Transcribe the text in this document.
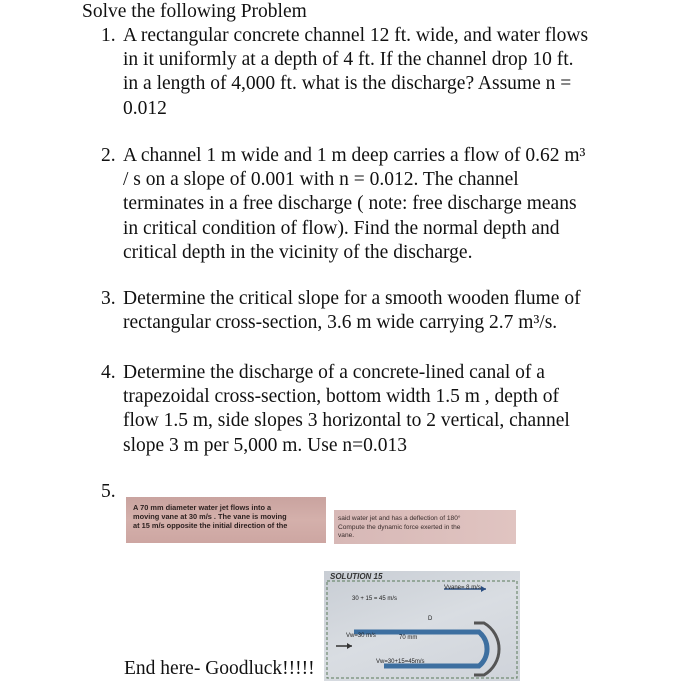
Solve the following Problem
1. A rectangular concrete channel 12 ft. wide, and water flows
in it uniformly at a depth of 4 ft. If the channel drop 10 ft.
in a length of 4,000 ft. what is the discharge? Assume n =
0.012
2. A channel 1 m wide and 1 m deep carries a flow of 0.62 m³
/ s on a slope of 0.001 with n = 0.012. The channel
terminates in a free discharge ( note: free discharge means
in critical condition of flow). Find the normal depth and
critical depth in the vicinity of the discharge.
3. Determine the critical slope for a smooth wooden flume of
rectangular cross-section, 3.6 m wide carrying 2.7 m³/s.
4. Determine the discharge of a concrete-lined canal of a
trapezoidal cross-section, bottom width 1.5 m , depth of
flow 1.5 m, side slopes 3 horizontal to 2 vertical, channel
slope 3 m per 5,000 m. Use n=0.013
5.
A 70 mm diameter water jet flows into a
moving vane at 30 m/s . The vane is moving
at 15 m/s opposite the initial direction of the
said water jet and has a deflection of 180°
Compute the dynamic force exerted in the
vane.
SOLUTION 15
Vvane= 8 m/s
30 + 15 = 45 m/s
Vw=30 m/s	70 mm
D
Vw=30+15=45m/s
End here- Goodluck!!!!!
